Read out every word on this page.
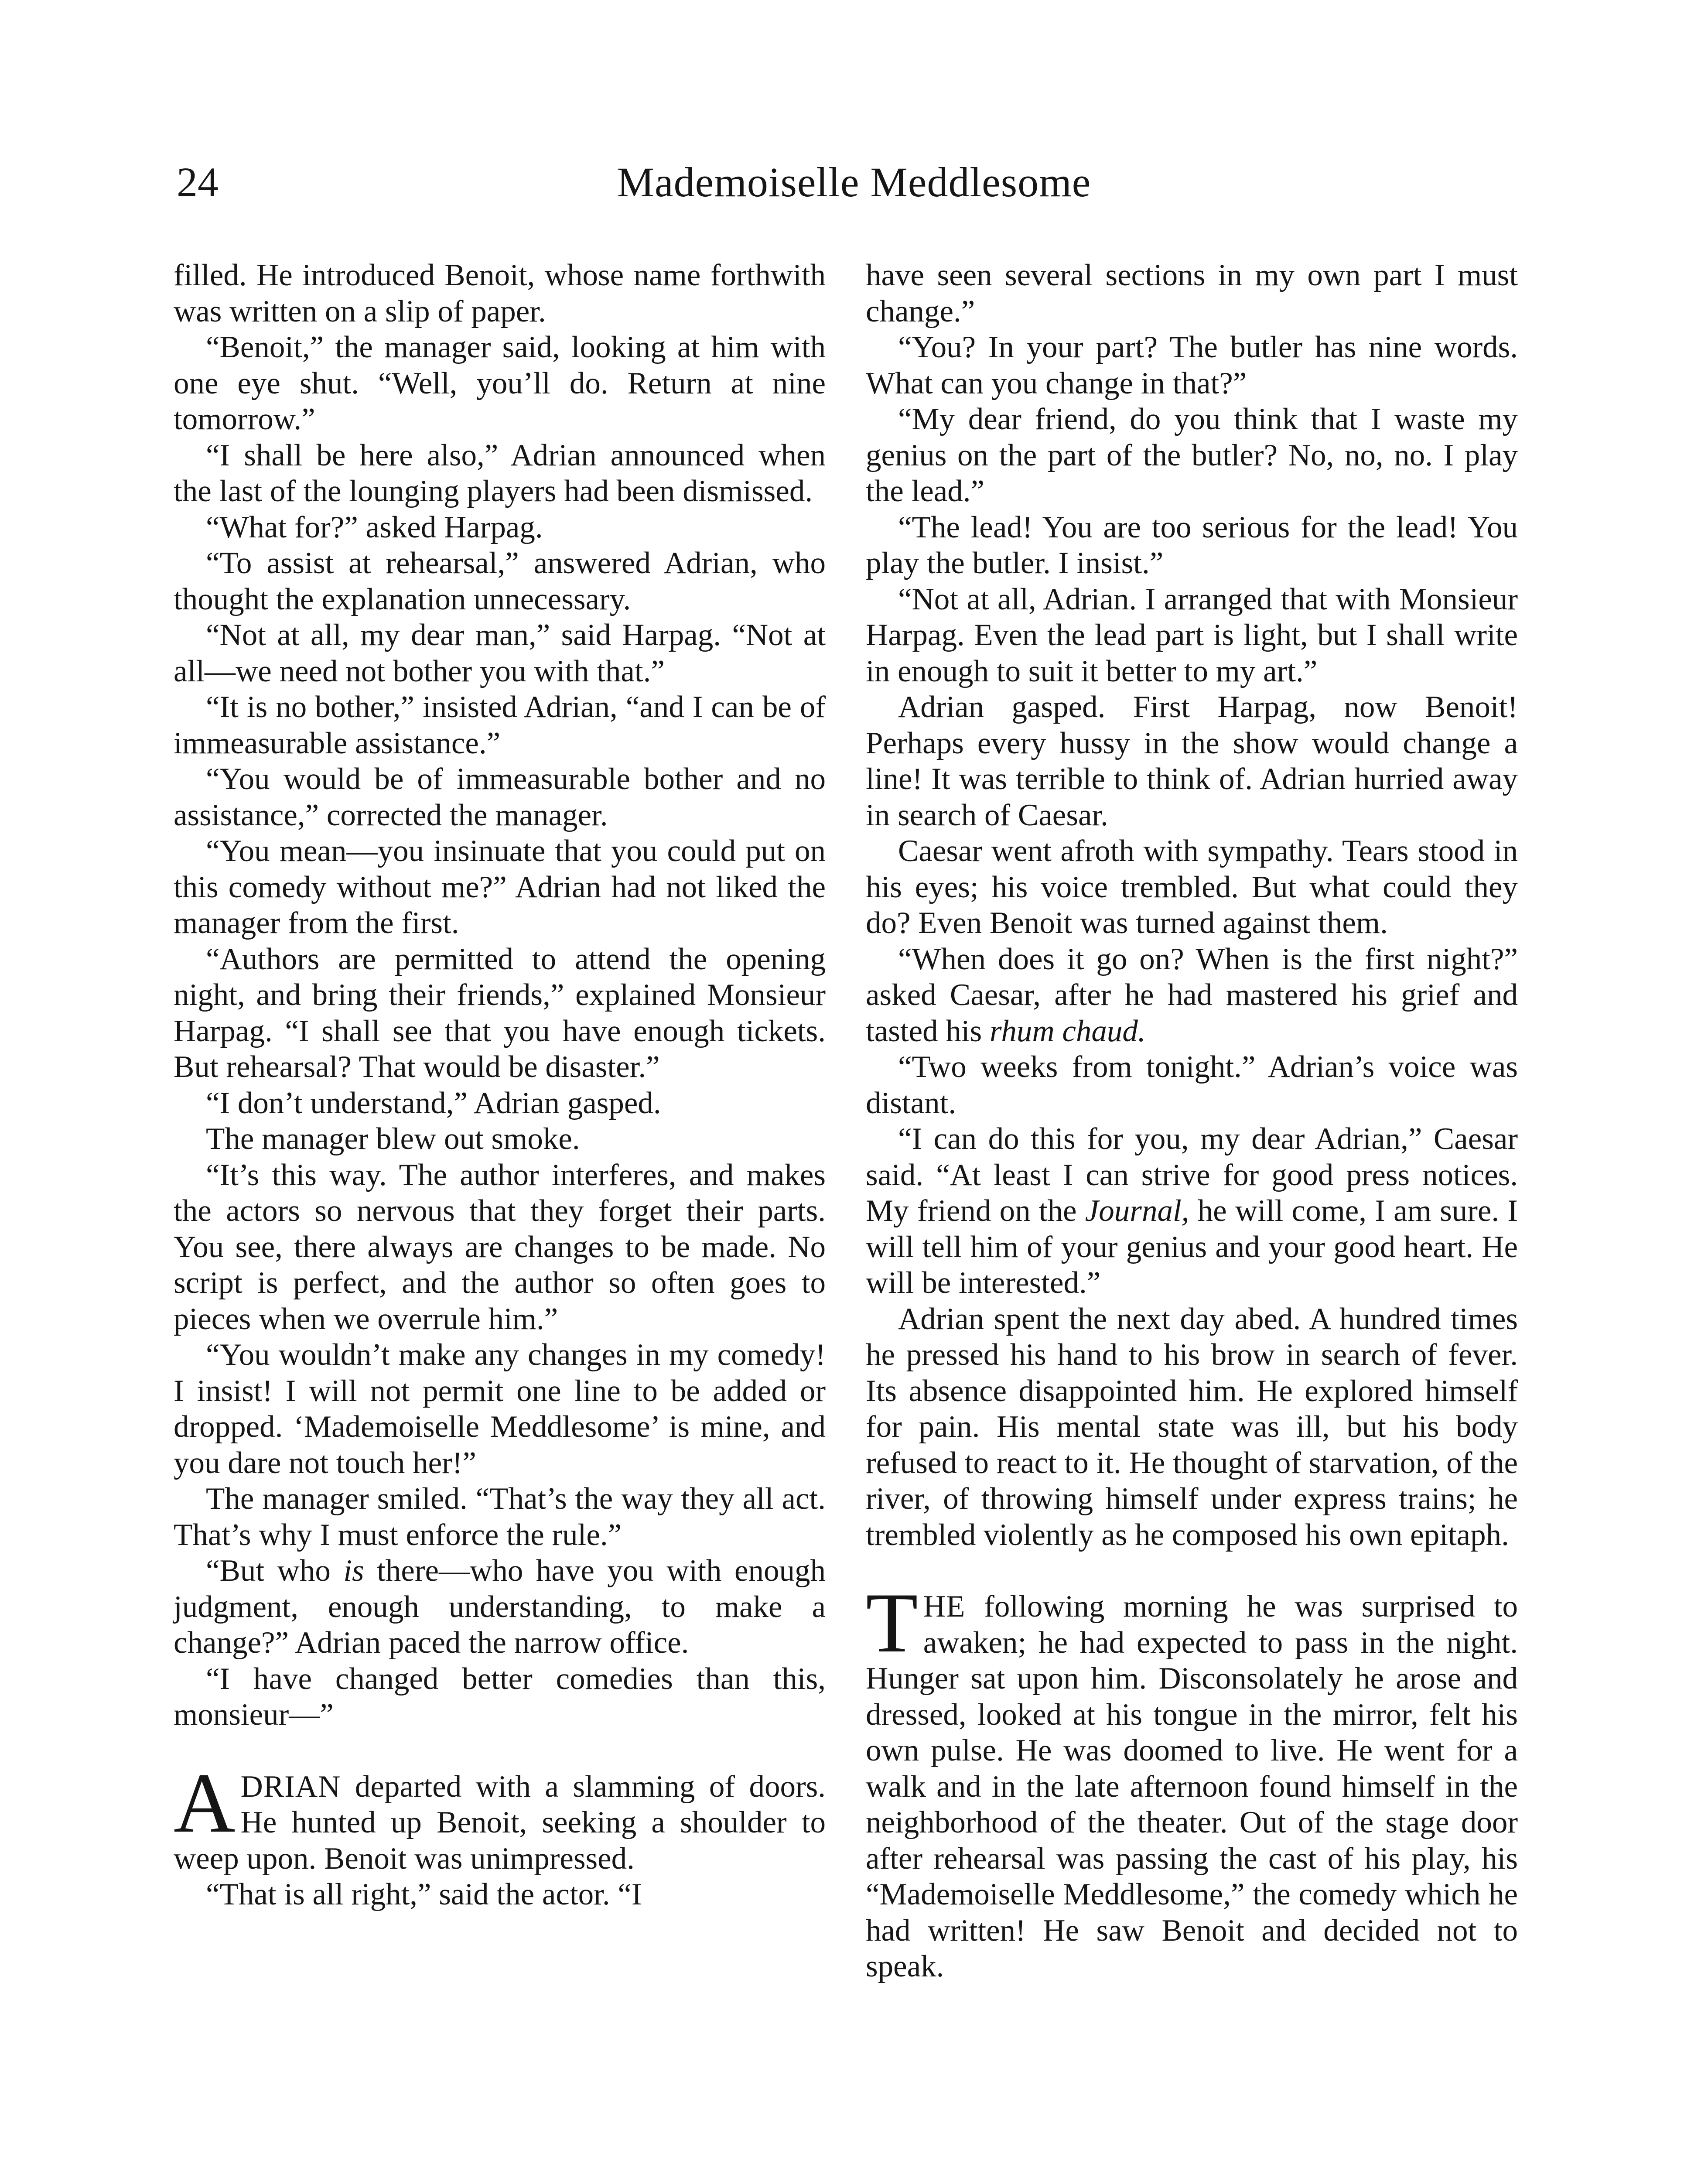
24	Mademoiselle Meddlesome

filled. He introduced Benoit, whose name forthwith was written on a slip of paper.

“Benoit,” the manager said, looking at him with one eye shut. “Well, you’ll do. Return at nine tomorrow.”

“I shall be here also,” Adrian announced when the last of the lounging players had been dismissed.

“What for?” asked Harpag.

“To assist at rehearsal,” answered Adrian, who thought the explanation unnecessary.

“Not at all, my dear man,” said Harpag. “Not at all—we need not bother you with that.”

“It is no bother,” insisted Adrian, “and I can be of immeasurable assistance.”

“You would be of immeasurable bother and no assistance,” corrected the manager.

“You mean—you insinuate that you could put on this comedy without me?” Adrian had not liked the manager from the first.

“Authors are permitted to attend the opening night, and bring their friends,” explained Monsieur Harpag. “I shall see that you have enough tickets. But rehearsal? That would be disaster.”

“I don’t understand,” Adrian gasped.

The manager blew out smoke.

“It’s this way. The author interferes, and makes the actors so nervous that they forget their parts. You see, there always are changes to be made. No script is perfect, and the author so often goes to pieces when we overrule him.”

“You wouldn’t make any changes in my comedy! I insist! I will not permit one line to be added or dropped. ‘Mademoiselle Meddlesome’ is mine, and you dare not touch her!”

The manager smiled. “That’s the way they all act. That’s why I must enforce the rule.”

“But who is there—who have you with enough judgment, enough understanding, to make a change?” Adrian paced the narrow office.

“I have changed better comedies than this, monsieur—”

ADRIAN departed with a slamming of doors. He hunted up Benoit, seeking a shoulder to weep upon. Benoit was unimpressed.

“That is all right,” said the actor. “I

have seen several sections in my own part I must change.”

“You? In your part? The butler has nine words. What can you change in that?”

“My dear friend, do you think that I waste my genius on the part of the butler? No, no, no. I play the lead.”

“The lead! You are too serious for the lead! You play the butler. I insist.”

“Not at all, Adrian. I arranged that with Monsieur Harpag. Even the lead part is light, but I shall write in enough to suit it better to my art.”

Adrian gasped. First Harpag, now Benoit! Perhaps every hussy in the show would change a line! It was terrible to think of. Adrian hurried away in search of Caesar.

Caesar went afroth with sympathy. Tears stood in his eyes; his voice trembled. But what could they do? Even Benoit was turned against them.

“When does it go on? When is the first night?” asked Caesar, after he had mastered his grief and tasted his rhum chaud.

“Two weeks from tonight.” Adrian’s voice was distant.

“I can do this for you, my dear Adrian,” Caesar said. “At least I can strive for good press notices. My friend on the Journal, he will come, I am sure. I will tell him of your genius and your good heart. He will be interested.”

Adrian spent the next day abed. A hundred times he pressed his hand to his brow in search of fever. Its absence disappointed him. He explored himself for pain. His mental state was ill, but his body refused to react to it. He thought of starvation, of the river, of throwing himself under express trains; he trembled violently as he composed his own epitaph.

THE following morning he was surprised to awaken; he had expected to pass in the night. Hunger sat upon him. Disconsolately he arose and dressed, looked at his tongue in the mirror, felt his own pulse. He was doomed to live. He went for a walk and in the late afternoon found himself in the neighborhood of the theater. Out of the stage door after rehearsal was passing the cast of his play, his “Mademoiselle Meddlesome,” the comedy which he had written! He saw Benoit and decided not to speak.
